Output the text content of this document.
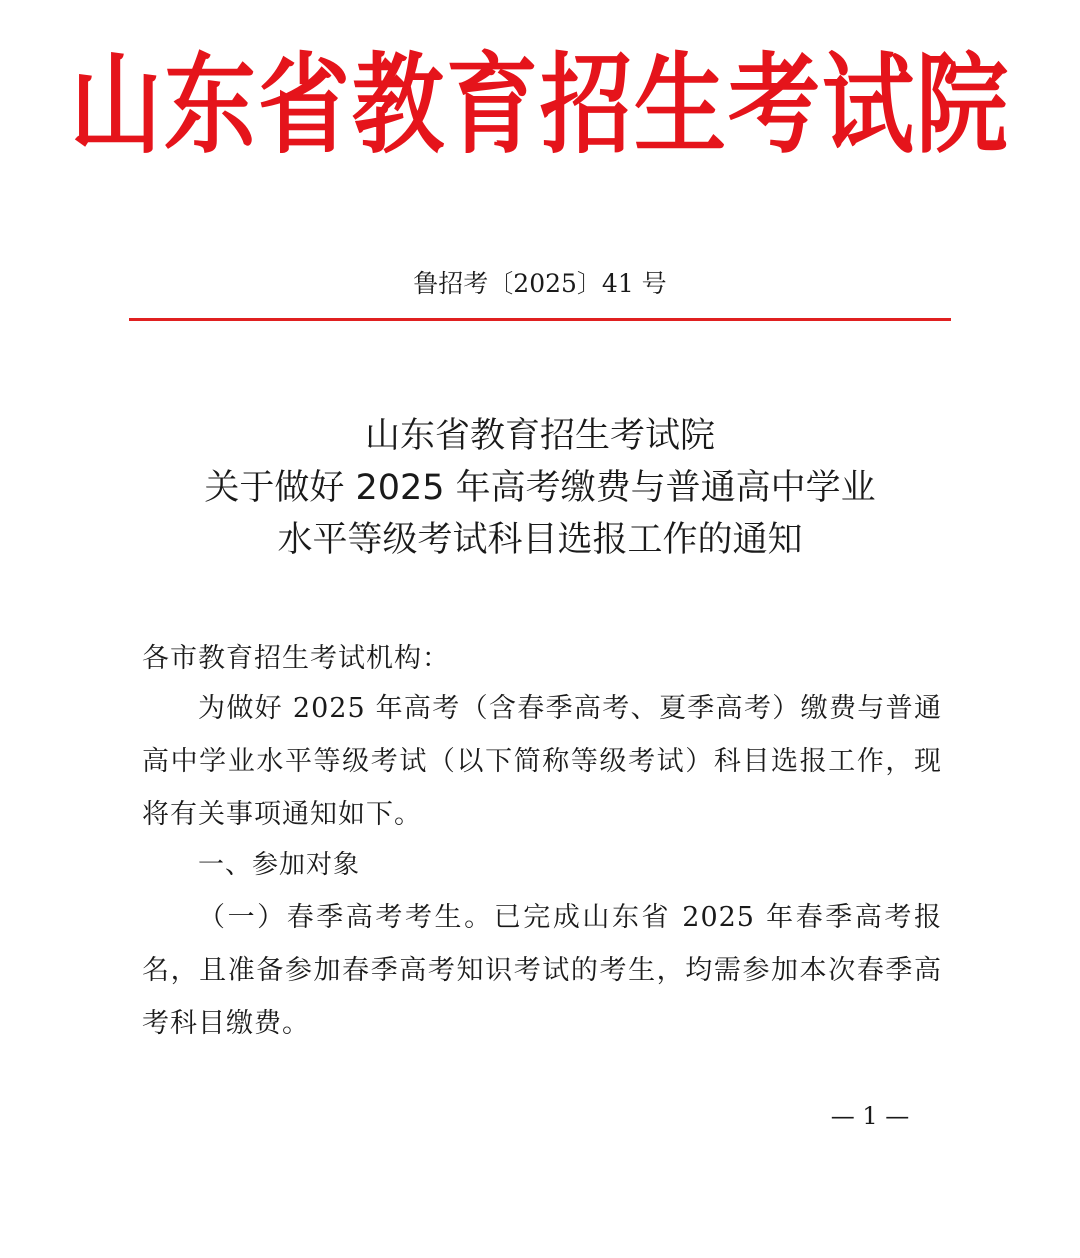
山东省教育招生考试院
鲁招考〔2025〕41 号
山东省教育招生考试院
关于做好 2025 年高考缴费与普通高中学业
水平等级考试科目选报工作的通知
各市教育招生考试机构：
为做好 2025 年高考（含春季高考、夏季高考）缴费与普通高中学业水平等级考试（以下简称等级考试）科目选报工作，现将有关事项通知如下。
一、参加对象
（一）春季高考考生。已完成山东省 2025 年春季高考报名，且准备参加春季高考知识考试的考生，均需参加本次春季高考科目缴费。
— 1 —
